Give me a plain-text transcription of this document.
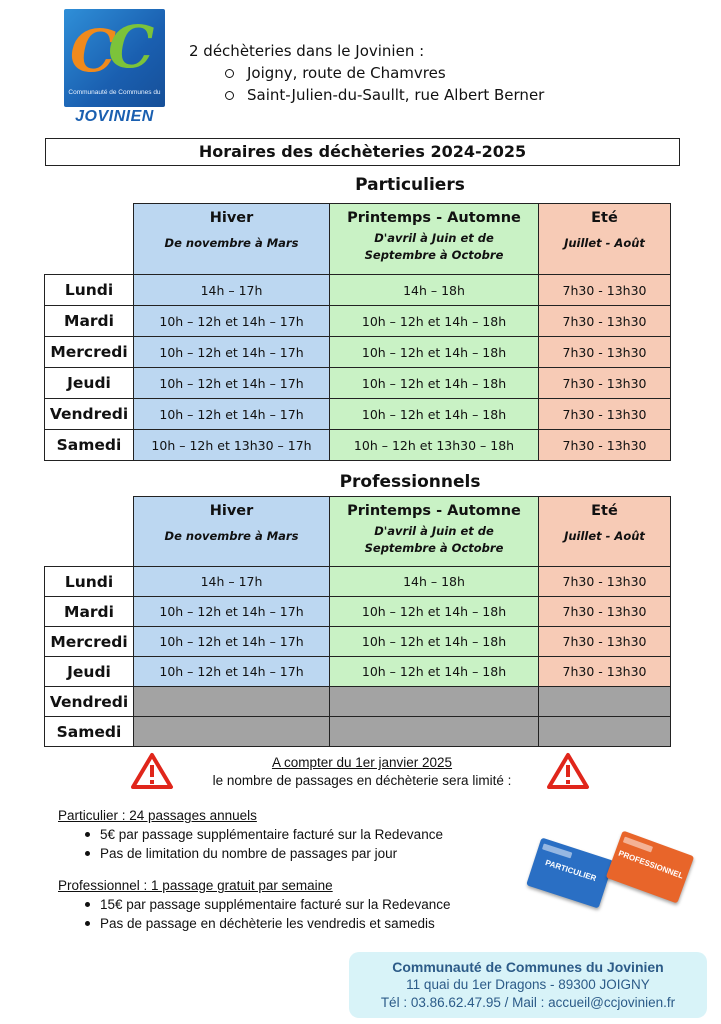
C C
Communauté de Communes du
JOVINIEN
2 déchèteries dans le Jovinien :
Joigny, route de Chamvres
Saint-Julien-du-Saullt, rue Albert Berner
Horaires des déchèteries 2024-2025
Particuliers
Hiver
De novembre à Mars
Printemps - Automne
D'avril à Juin et de Septembre à Octobre
Eté
Juillet - Août
Lundi	14h – 17h	14h – 18h	7h30 - 13h30
Mardi	10h – 12h et 14h – 17h	10h – 12h et 14h – 18h	7h30 - 13h30
Mercredi	10h – 12h et 14h – 17h	10h – 12h et 14h – 18h	7h30 - 13h30
Jeudi	10h – 12h et 14h – 17h	10h – 12h et 14h – 18h	7h30 - 13h30
Vendredi	10h – 12h et 14h – 17h	10h – 12h et 14h – 18h	7h30 - 13h30
Samedi	10h – 12h et 13h30 – 17h	10h – 12h et 13h30 – 18h	7h30 - 13h30
Professionnels
Hiver
De novembre à Mars
Printemps - Automne
D'avril à Juin et de Septembre à Octobre
Eté
Juillet - Août
Lundi	14h – 17h	14h – 18h	7h30 - 13h30
Mardi	10h – 12h et 14h – 17h	10h – 12h et 14h – 18h	7h30 - 13h30
Mercredi	10h – 12h et 14h – 17h	10h – 12h et 14h – 18h	7h30 - 13h30
Jeudi	10h – 12h et 14h – 17h	10h – 12h et 14h – 18h	7h30 - 13h30
Vendredi
Samedi
A compter du 1er janvier 2025
le nombre de passages en déchèterie sera limité :
Particulier : 24 passages annuels
5€ par passage supplémentaire facturé sur la Redevance
Pas de limitation du nombre de passages par jour
Professionnel : 1 passage gratuit par semaine
15€ par passage supplémentaire facturé sur la Redevance
Pas de passage en déchèterie les vendredis et samedis
PARTICULIER	PROFESSIONNEL
Communauté de Communes du Jovinien
11 quai du 1er Dragons - 89300 JOIGNY
Tél : 03.86.62.47.95 / Mail : accueil@ccjovinien.fr
